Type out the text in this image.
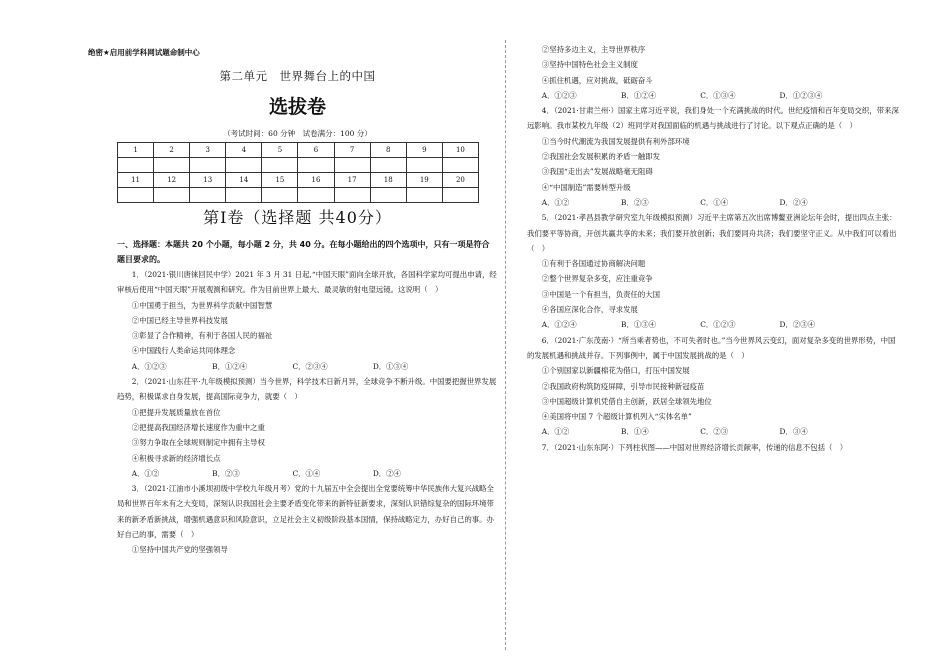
绝密★启用前学科网试题命制中心
第二单元　世界舞台上的中国
选拔卷
（考试时间：60 分钟　试卷满分：100 分）
1	2	3	4	5	6	7	8	9	10

11	12	13	14	15	16	17	18	19	20

第Ⅰ卷（选择题 共40分）
一、选择题：本题共 20 个小题，每小题 2 分，共 40 分。在每小题给出的四个选项中，只有一项是符合题目要求的。

1．（2021·银川唐徕回民中学）2021 年 3 月 31 日起,“中国天眼”面向全球开放，各国科学家均可提出申请，经审核后使用“中国天眼”开展观测和研究。作为目前世界上最大、最灵敏的射电望远镜。这说明（　）

①中国勇于担当，为世界科学贡献中国智慧

②中国已经主导世界科技发展

③彰显了合作精神，有利于各国人民的福祉

④中国践行人类命运共同体理念

A．①②③	B．①②④	C．②③④	D．①③④

2．（2021·山东茌平·九年级模拟预测）当今世界，科学技术日新月异，全球竞争不断升级。中国要把握世界发展趋势，积极谋求自身发展，提高国际竞争力，就要（　）

①把提升发展质量放在首位

②把提高我国经济增长速度作为重中之重

③努力争取在全球规则制定中拥有主导权

④积极寻求新的经济增长点

A．①②	B．②③	C．①④	D．②④

3．（2021·江油市小溪坝初级中学校九年级月考）党的十九届五中全会提出全党要统筹中华民族伟大复兴战略全局和世界百年未有之大变局，深刻认识我国社会主要矛盾变化带来的新特征新要求，深刻认识错综复杂的国际环境带来的新矛盾新挑战，增强机遇意识和风险意识，立足社会主义初级阶段基本国情，保持战略定力，办好自己的事。办好自己的事，需要（　）

①坚持中国共产党的坚强领导

②坚持多边主义，主导世界秩序

③坚持中国特色社会主义制度

④抓住机遇，应对挑战，砥砺奋斗

A．①②③	B．①②④	C．①③④	D．①②③④

4．（2021·甘肃兰州·）国家主席习近平说，我们身处一个充满挑战的时代。世纪疫情和百年变局交织，带来深远影响。我市某校九年级（2）班同学对我国面临的机遇与挑战进行了讨论。以下观点正确的是（　）

①当今时代潮流为我国发展提供有利外部环境

②我国社会发展积累的矛盾一触即发

③我国“走出去”发展战略毫无阻碍

④“中国制造”需要转型升级

A．①②	B．②③	C．①④	D．②④

5．（2021·孝昌县教学研究室九年级模拟预测）习近平主席第五次出席博鳌亚洲论坛年会时，提出四点主张：我们要平等协商，开创共赢共享的未来；我们要开放创新；我们要同舟共济；我们要坚守正义。从中我们可以看出（　）

①有利于各国通过协商解决问题

②整个世界复杂多变，应注重竞争

③中国是一个有担当，负责任的大国

④各国应深化合作，寻求发展

A．①②④	B．①③④	C．①②③	D．②③④

6．（2021·广东茂南·）“所当乘者势也，不可失者时也。”当今世界风云变幻，面对复杂多变的世界形势，中国的发展机遇和挑战并存。下列事例中，属于中国发展挑战的是（　）

①个别国家以新疆棉花为借口，打压中国发展

②我国政府构筑防疫屏障，引导市民接种新冠疫苗

③中国超级计算机凭借自主创新，跃居全球领先地位

④美国将中国 7 个超级计算机列入“实体名单”

A．①②	B．①④	C．②③	D．③④

7．（2021·山东东阿·）下列柱状图——中国对世界经济增长贡献率，传递的信息不包括（　）
